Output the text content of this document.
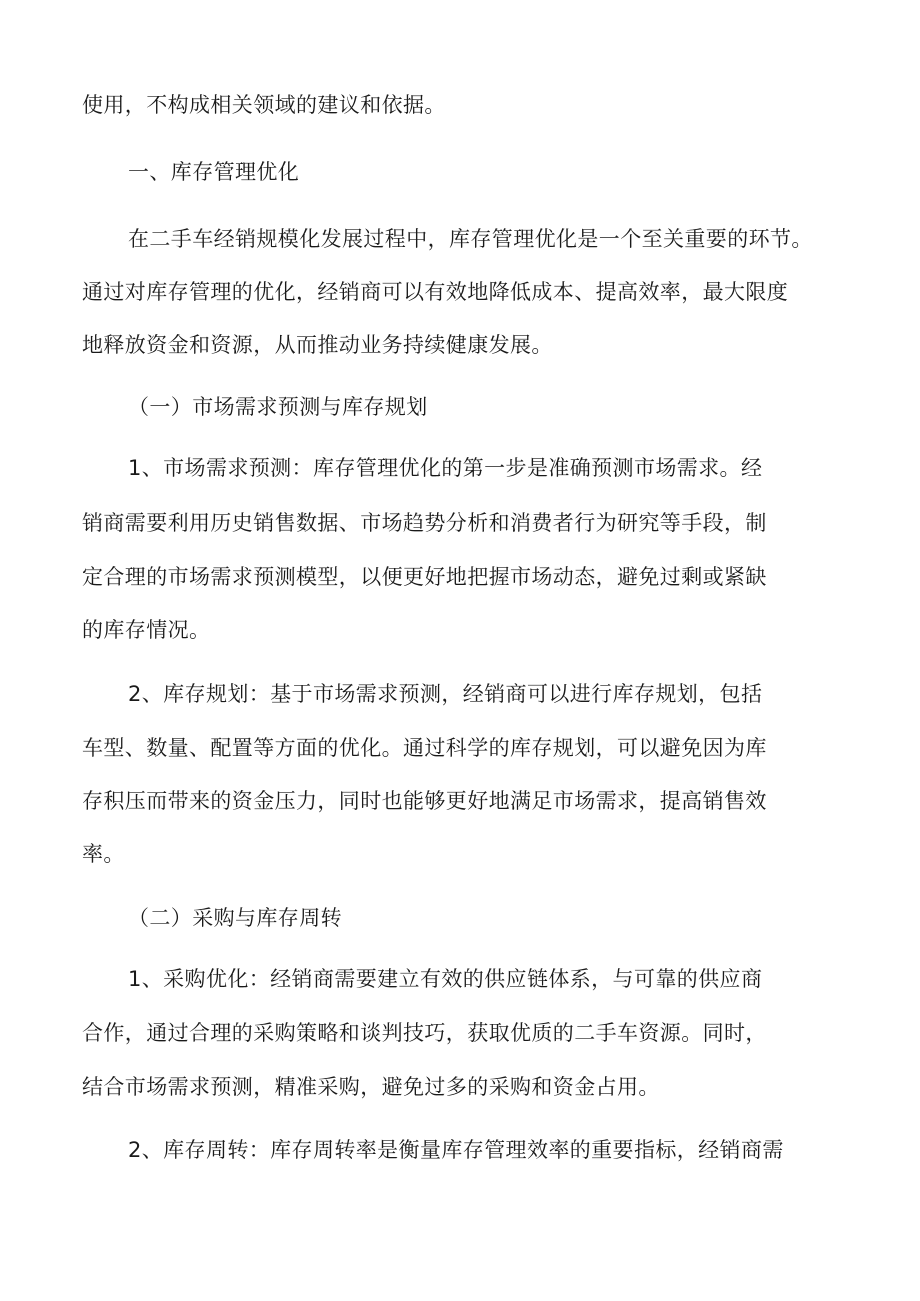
使用，不构成相关领域的建议和依据。
一、库存管理优化
在二手车经销规模化发展过程中，库存管理优化是一个至关重要的环节。
通过对库存管理的优化，经销商可以有效地降低成本、提高效率，最大限度
地释放资金和资源，从而推动业务持续健康发展。
（一）市场需求预测与库存规划
1、市场需求预测：库存管理优化的第一步是准确预测市场需求。经
销商需要利用历史销售数据、市场趋势分析和消费者行为研究等手段，制
定合理的市场需求预测模型，以便更好地把握市场动态，避免过剩或紧缺
的库存情况。
2、库存规划：基于市场需求预测，经销商可以进行库存规划，包括
车型、数量、配置等方面的优化。通过科学的库存规划，可以避免因为库
存积压而带来的资金压力，同时也能够更好地满足市场需求，提高销售效
率。
（二）采购与库存周转
1、采购优化：经销商需要建立有效的供应链体系，与可靠的供应商
合作，通过合理的采购策略和谈判技巧，获取优质的二手车资源。同时，
结合市场需求预测，精准采购，避免过多的采购和资金占用。
2、库存周转：库存周转率是衡量库存管理效率的重要指标，经销商需
